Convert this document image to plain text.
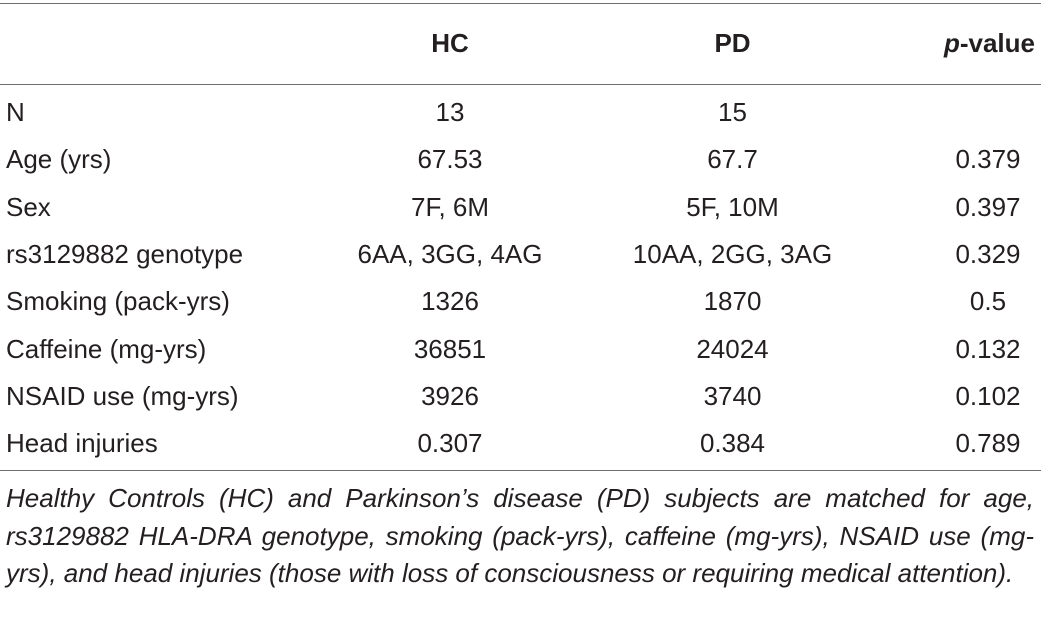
	HC	PD	p-value

N	13	15	
Age (yrs)	67.53	67.7	0.379
Sex	7F, 6M	5F, 10M	0.397
rs3129882 genotype	6AA, 3GG, 4AG	10AA, 2GG, 3AG	0.329
Smoking (pack-yrs)	1326	1870	0.5
Caffeine (mg-yrs)	36851	24024	0.132
NSAID use (mg-yrs)	3926	3740	0.102
Head injuries	0.307	0.384	0.789
Healthy Controls (HC) and Parkinson’s disease (PD) subjects are matched for age, rs3129882 HLA-DRA genotype, smoking (pack-yrs), caffeine (mg-yrs), NSAID use (mg-yrs), and head injuries (those with loss of consciousness or requiring medical attention).
